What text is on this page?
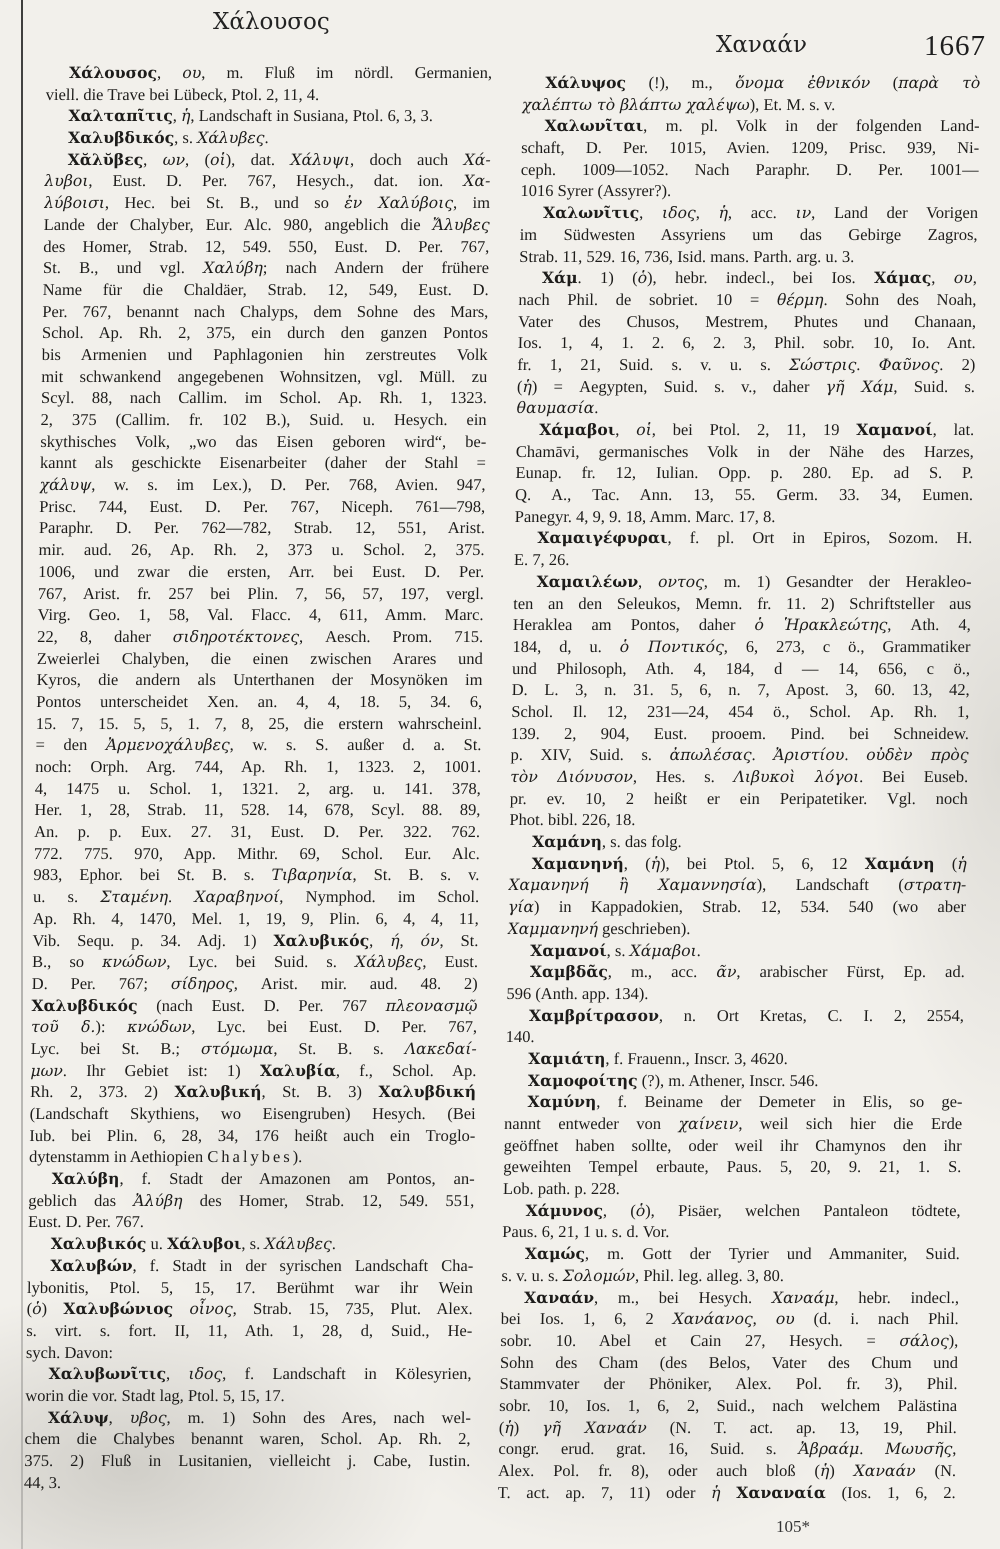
Χάλουσος
Χαναάν	1667
Χάλουσος, ου, m. Fluß im nördl. Germanien,
viell. die Trave bei Lübeck, Ptol. 2, 11, 4.
Χαλταπῖτις, ἡ, Landschaft in Susiana, Ptol. 6, 3, 3.
Χαλυβδικός, s. Χάλυβες.
Χᾰλῠβες, ων, (οἱ), dat. Χάλυψι, doch auch Χά-
λυβοι, Eust. D. Per. 767, Hesych., dat. ion. Χα-
λύβοισι, Hec. bei St. B., und so ἐν Χαλύβοις, im
Lande der Chalyber, Eur. Alc. 980, angeblich die Ἄλυβες
des Homer, Strab. 12, 549. 550, Eust. D. Per. 767,
St. B., und vgl. Χαλύβη; nach Andern der frühere
Name für die Chaldäer, Strab. 12, 549, Eust. D.
Per. 767, benannt nach Chalyps, dem Sohne des Mars,
Schol. Ap. Rh. 2, 375, ein durch den ganzen Pontos
bis Armenien und Paphlagonien hin zerstreutes Volk
mit schwankend angegebenen Wohnsitzen, vgl. Müll. zu
Scyl. 88, nach Callim. im Schol. Ap. Rh. 1, 1323.
2, 375 (Callim. fr. 102 B.), Suid. u. Hesych. ein
skythisches Volk, „wo das Eisen geboren wird“, be-
kannt als geschickte Eisenarbeiter (daher der Stahl =
χάλυψ, w. s. im Lex.), D. Per. 768, Avien. 947,
Prisc. 744, Eust. D. Per. 767, Niceph. 761—798,
Paraphr. D. Per. 762—782, Strab. 12, 551, Arist.
mir. aud. 26, Ap. Rh. 2, 373 u. Schol. 2, 375.
1006, und zwar die ersten, Arr. bei Eust. D. Per.
767, Arist. fr. 257 bei Plin. 7, 56, 57, 197, vergl.
Virg. Geo. 1, 58, Val. Flacc. 4, 611, Amm. Marc.
22, 8, daher σιδηροτέκτονες, Aesch. Prom. 715.
Zweierlei Chalyben, die einen zwischen Arares und
Kyros, die andern als Unterthanen der Mosynöken im
Pontos unterscheidet Xen. an. 4, 4, 18. 5, 34. 6,
15. 7, 15. 5, 5, 1. 7, 8, 25, die erstern wahrscheinl.
= den Ἀρμενοχάλυβες, w. s. S. außer d. a. St.
noch: Orph. Arg. 744, Ap. Rh. 1, 1323. 2, 1001.
4, 1475 u. Schol. 1, 1321. 2, arg. u. 141. 378,
Her. 1, 28, Strab. 11, 528. 14, 678, Scyl. 88. 89,
An. p. p. Eux. 27. 31, Eust. D. Per. 322. 762.
772. 775. 970, App. Mithr. 69, Schol. Eur. Alc.
983, Ephor. bei St. B. s. Τιβαρηνία, St. B. s. v.
u. s. Σταμένη. Χαραβηνοί, Nymphod. im Schol.
Ap. Rh. 4, 1470, Mel. 1, 19, 9, Plin. 6, 4, 4, 11,
Vib. Sequ. p. 34. Adj. 1) Χαλυβικός, ή, όν, St.
B., so κνώδων, Lyc. bei Suid. s. Χάλυβες, Eust.
D. Per. 767; σίδηρος, Arist. mir. aud. 48. 2)
Χαλυβδικός (nach Eust. D. Per. 767 πλεονασμῷ
τοῦ δ.): κνώδων, Lyc. bei Eust. D. Per. 767,
Lyc. bei St. B.; στόμωμα, St. B. s. Λακεδαί-
μων. Ihr Gebiet ist: 1) Χαλυβία, f., Schol. Ap.
Rh. 2, 373. 2) Χαλυβική, St. B. 3) Χαλυβδική
(Landschaft Skythiens, wo Eisengruben) Hesych. (Bei
Iub. bei Plin. 6, 28, 34, 176 heißt auch ein Troglo-
dytenstamm in Aethiopien Chalybes).
Χαλύβη, f. Stadt der Amazonen am Pontos, an-
geblich das Ἀλύβη des Homer, Strab. 12, 549. 551,
Eust. D. Per. 767.
Χαλυβικός u. Χάλυβοι, s. Χάλυβες.
Χαλυβών, f. Stadt in der syrischen Landschaft Cha-
lybonitis, Ptol. 5, 15, 17. Berühmt war ihr Wein
(ὁ) Χαλυβώνιος οἶνος, Strab. 15, 735, Plut. Alex.
s. virt. s. fort. II, 11, Ath. 1, 28, d, Suid., He-
sych. Davon:
Χαλυβωνῖτις, ιδος, f. Landschaft in Kölesyrien,
worin die vor. Stadt lag, Ptol. 5, 15, 17.
Χάλυψ, υβος, m. 1) Sohn des Ares, nach wel-
chem die Chalybes benannt waren, Schol. Ap. Rh. 2,
375. 2) Fluß in Lusitanien, vielleicht j. Cabe, Iustin.
44, 3.
Χάλυψος (!), m., ὄνομα ἐθνικόν (παρὰ τὸ
χαλέπτω τὸ βλάπτω χαλέψω), Et. M. s. v.
Χαλωνῖται, m. pl. Volk in der folgenden Land-
schaft, D. Per. 1015, Avien. 1209, Prisc. 939, Ni-
ceph. 1009—1052. Nach Paraphr. D. Per. 1001—
1016 Syrer (Assyrer?).
Χαλωνῖτις, ιδος, ἡ, acc. ιν, Land der Vorigen
im Südwesten Assyriens um das Gebirge Zagros,
Strab. 11, 529. 16, 736, Isid. mans. Parth. arg. u. 3.
Χάμ. 1) (ὁ), hebr. indecl., bei Ios. Χάμας, ου,
nach Phil. de sobriet. 10 = θέρμη. Sohn des Noah,
Vater des Chusos, Mestrem, Phutes und Chanaan,
Ios. 1, 4, 1. 2. 6, 2. 3, Phil. sobr. 10, Io. Ant.
fr. 1, 21, Suid. s. v. u. s. Σώστρις. Φαῦνος. 2)
(ἡ) = Aegypten, Suid. s. v., daher γῆ Χάμ, Suid. s.
θαυμασία.
Χάμαβοι, οἱ, bei Ptol. 2, 11, 19 Χαμανοί, lat.
Chamāvi, germanisches Volk in der Nähe des Harzes,
Eunap. fr. 12, Iulian. Opp. p. 280. Ep. ad S. P.
Q. A., Tac. Ann. 13, 55. Germ. 33. 34, Eumen.
Panegyr. 4, 9, 9. 18, Amm. Marc. 17, 8.
Χαμαιγέφυραι, f. pl. Ort in Epiros, Sozom. H.
E. 7, 26.
Χαμαιλέων, οντος, m. 1) Gesandter der Herakleo-
ten an den Seleukos, Memn. fr. 11. 2) Schriftsteller aus
Heraklea am Pontos, daher ὁ Ἡρακλεώτης, Ath. 4,
184, d, u. ὁ Ποντικός, 6, 273, c ö., Grammatiker
und Philosoph, Ath. 4, 184, d — 14, 656, c ö.,
D. L. 3, n. 31. 5, 6, n. 7, Apost. 3, 60. 13, 42,
Schol. Il. 12, 231—24, 454 ö., Schol. Ap. Rh. 1,
139. 2, 904, Eust. prooem. Pind. bei Schneidew.
p. XIV, Suid. s. ἀπωλέσας. Ἀριστίου. οὐδὲν πρὸς
τὸν Διόνυσον, Hes. s. Λιβυκοὶ λόγοι. Bei Euseb.
pr. ev. 10, 2 heißt er ein Peripatetiker. Vgl. noch
Phot. bibl. 226, 18.
Χαμάνη, s. das folg.
Χαμανηνή, (ἡ), bei Ptol. 5, 6, 12 Χαμάνη (ἡ
Χαμανηνή ἢ Χαμαννησία), Landschaft (στρατη-
γία) in Kappadokien, Strab. 12, 534. 540 (wo aber
Χαμμανηνή geschrieben).
Χαμανοί, s. Χάμαβοι.
Χαμβδᾶς, m., acc. ᾶν, arabischer Fürst, Ep. ad.
596 (Anth. app. 134).
Χαμβρίτρασον, n. Ort Kretas, C. I. 2, 2554,
140.
Χαμιάτη, f. Frauenn., Inscr. 3, 4620.
Χαμοφοίτης (?), m. Athener, Inscr. 546.
Χαμύνη, f. Beiname der Demeter in Elis, so ge-
nannt entweder von χαίνειν, weil sich hier die Erde
geöffnet haben sollte, oder weil ihr Chamynos den ihr
geweihten Tempel erbaute, Paus. 5, 20, 9. 21, 1. S.
Lob. path. p. 228.
Χάμυνος, (ὁ), Pisäer, welchen Pantaleon tödtete,
Paus. 6, 21, 1 u. s. d. Vor.
Χαμώς, m. Gott der Tyrier und Ammaniter, Suid.
s. v. u. s. Σολομών, Phil. leg. alleg. 3, 80.
Χαναάν, m., bei Hesych. Χαναάμ, hebr. indecl.,
bei Ios. 1, 6, 2 Χανάανος, ου (d. i. nach Phil.
sobr. 10. Abel et Cain 27, Hesych. = σάλος),
Sohn des Cham (des Belos, Vater des Chum und
Stammvater der Phöniker, Alex. Pol. fr. 3), Phil.
sobr. 10, Ios. 1, 6, 2, Suid., nach welchem Palästina
(ἡ) γῆ Χαναάν (N. T. act. ap. 13, 19, Phil.
congr. erud. grat. 16, Suid. s. Ἀβραάμ. Μωυσῆς,
Alex. Pol. fr. 8), oder auch bloß (ἡ) Χαναάν (N.
T. act. ap. 7, 11) oder ἡ Χαναναία (Ios. 1, 6, 2.
105*
